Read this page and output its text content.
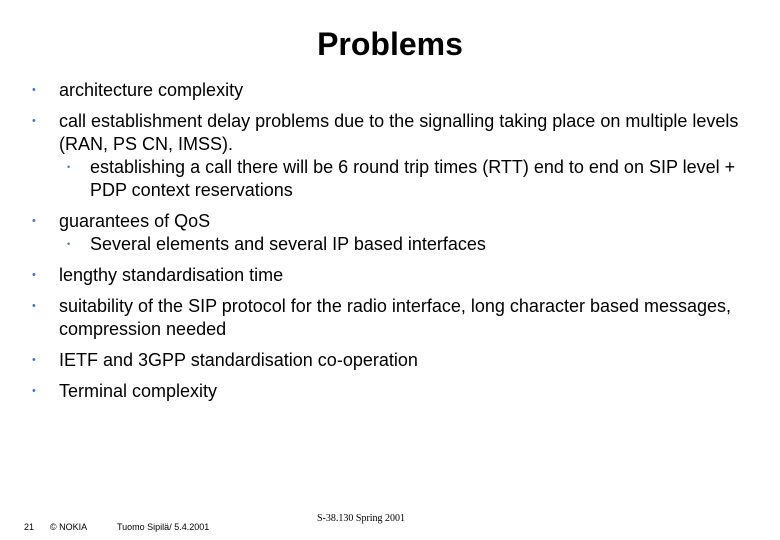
Problems
• architecture complexity
• call establishment delay problems due to the signalling taking place on multiple levels (RAN, PS CN, IMSS).
• establishing a call there will be 6 round trip times (RTT) end to end on SIP level + PDP context reservations
• guarantees of QoS
• Several elements and several IP based interfaces
• lengthy standardisation time
• suitability of the SIP protocol for the radio interface, long character based messages, compression needed
• IETF and 3GPP standardisation co-operation
• Terminal complexity
21 © NOKIA	Tuomo Sipilä/ 5.4.2001
S-38.130 Spring 2001
